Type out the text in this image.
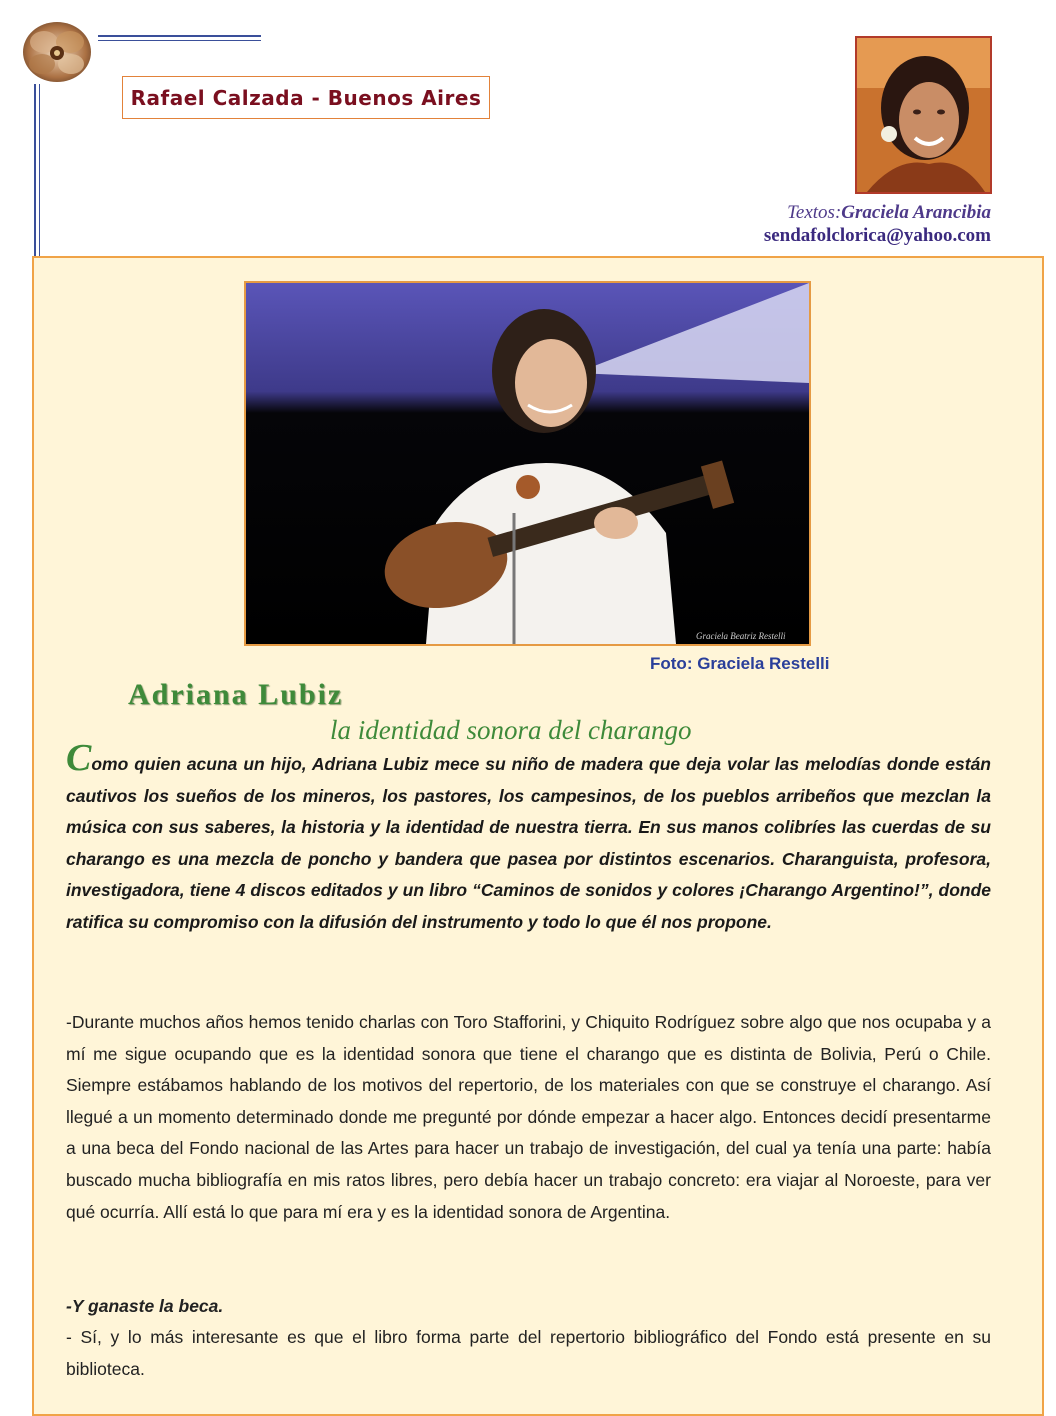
Rafael Calzada - Buenos Aires
Textos:Graciela Arancibia
sendafolclorica@yahoo.com
Graciela Beatriz Restelli
Foto: Graciela Restelli
Adriana Lubiz
la identidad sonora del charango
Como quien acuna un hijo, Adriana Lubiz mece su niño de madera que deja volar las melodías donde están cautivos los sueños de los mineros, los pastores, los campesinos, de los pueblos arribeños que mezclan la música con sus saberes, la historia y la identidad de nuestra tierra. En sus manos colibríes las cuerdas de su charango es una mezcla de poncho y bandera que pasea por distintos escenarios. Charanguista, profesora, investigadora, tiene 4 discos editados y un libro “Caminos de sonidos y colores ¡Charango Argentino!”, donde ratifica su compromiso con la difusión del instrumento y todo lo que él nos propone.
-Durante muchos años hemos tenido charlas con Toro Stafforini, y Chiquito Rodríguez sobre algo que nos ocupaba y a mí me sigue ocupando que es la identidad sonora que tiene el charango que es distinta de Bolivia, Perú o Chile. Siempre estábamos hablando de los motivos del repertorio, de los materiales con que se construye el charango. Así llegué a un momento determinado donde me pregunté por dónde empezar a hacer algo. Entonces decidí presentarme a una beca del Fondo nacional de las Artes para hacer un trabajo de investigación, del cual ya tenía una parte: había buscado mucha bibliografía en mis ratos libres, pero debía hacer un trabajo concreto: era viajar al Noroeste, para ver qué ocurría. Allí está lo que para mí era y es la identidad sonora de Argentina.
-Y ganaste la beca.
- Sí, y lo más interesante es que el libro forma parte del repertorio bibliográfico del Fondo está presente en su biblioteca.
